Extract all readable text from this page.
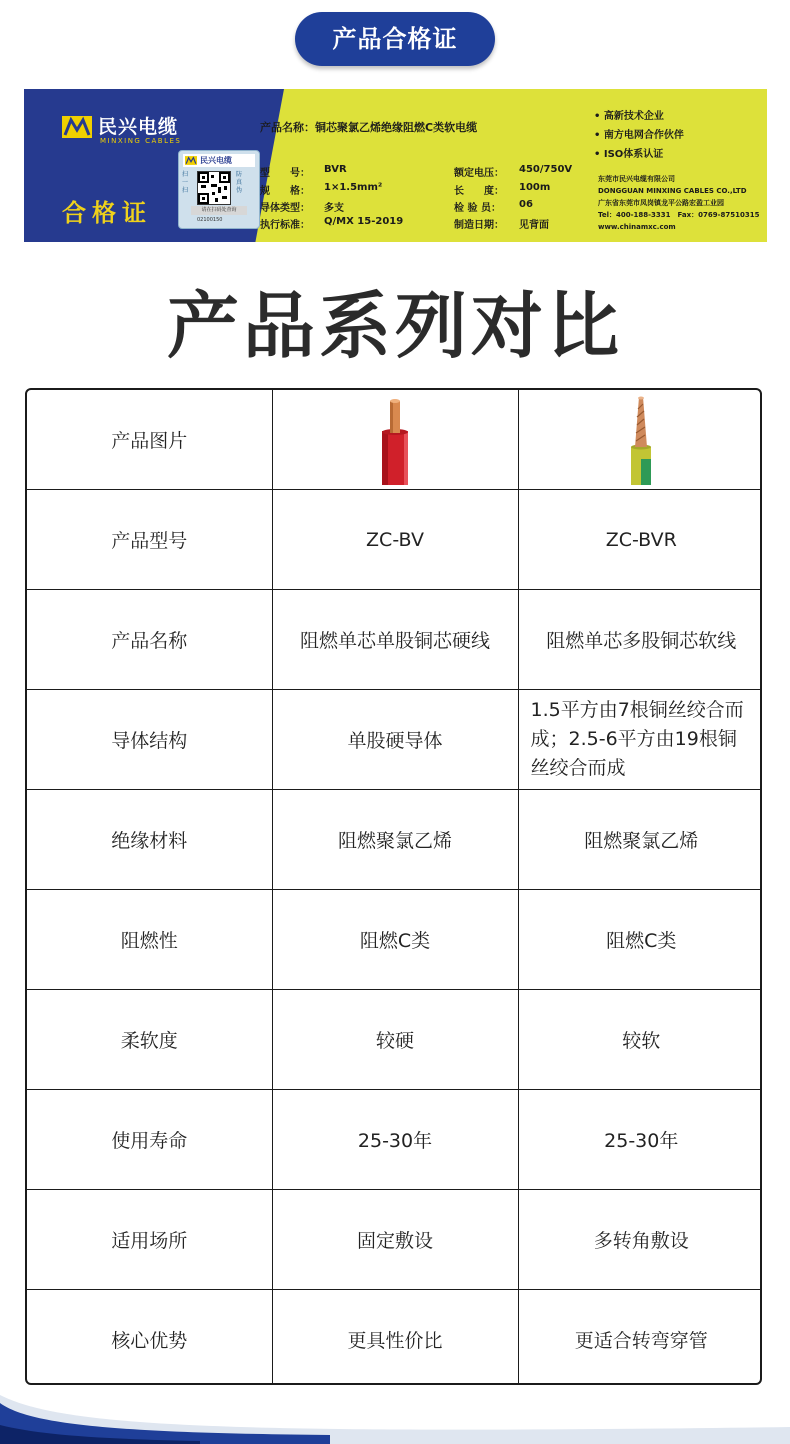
产品合格证
民兴电缆
MINXING CABLES
合格证
民兴电缆
扫一扫
防真伪
请在扫码处查询
02100150
产品名称：铜芯聚氯乙烯绝缘阻燃C类软电缆
型　　号： BVR
规　　格： 1×1.5mm²
导体类型： 多支
执行标准： Q/MX 15-2019
额定电压： 450/750V
长　　度： 100m
检 验 员： 06
制造日期： 见背面
• 高新技术企业
• 南方电网合作伙伴
• ISO体系认证
东莞市民兴电缆有限公司
DONGGUAN MINXING CABLES CO.,LTD
广东省东莞市凤岗镇龙平公路宏盈工业园
Tel：400-188-3331　Fax：0769-87510315
www.chinamxc.com
产品系列对比
产品图片	

产品型号	ZC-BV	ZC-BVR
产品名称	阻燃单芯单股铜芯硬线	阻燃单芯多股铜芯软线
导体结构	单股硬导体	1.5平方由7根铜丝绞合而成；2.5-6平方由19根铜丝绞合而成
绝缘材料	阻燃聚氯乙烯	阻燃聚氯乙烯
阻燃性	阻燃C类	阻燃C类
柔软度	较硬	较软
使用寿命	25-30年	25-30年
适用场所	固定敷设	多转角敷设
核心优势	更具性价比	更适合转弯穿管
